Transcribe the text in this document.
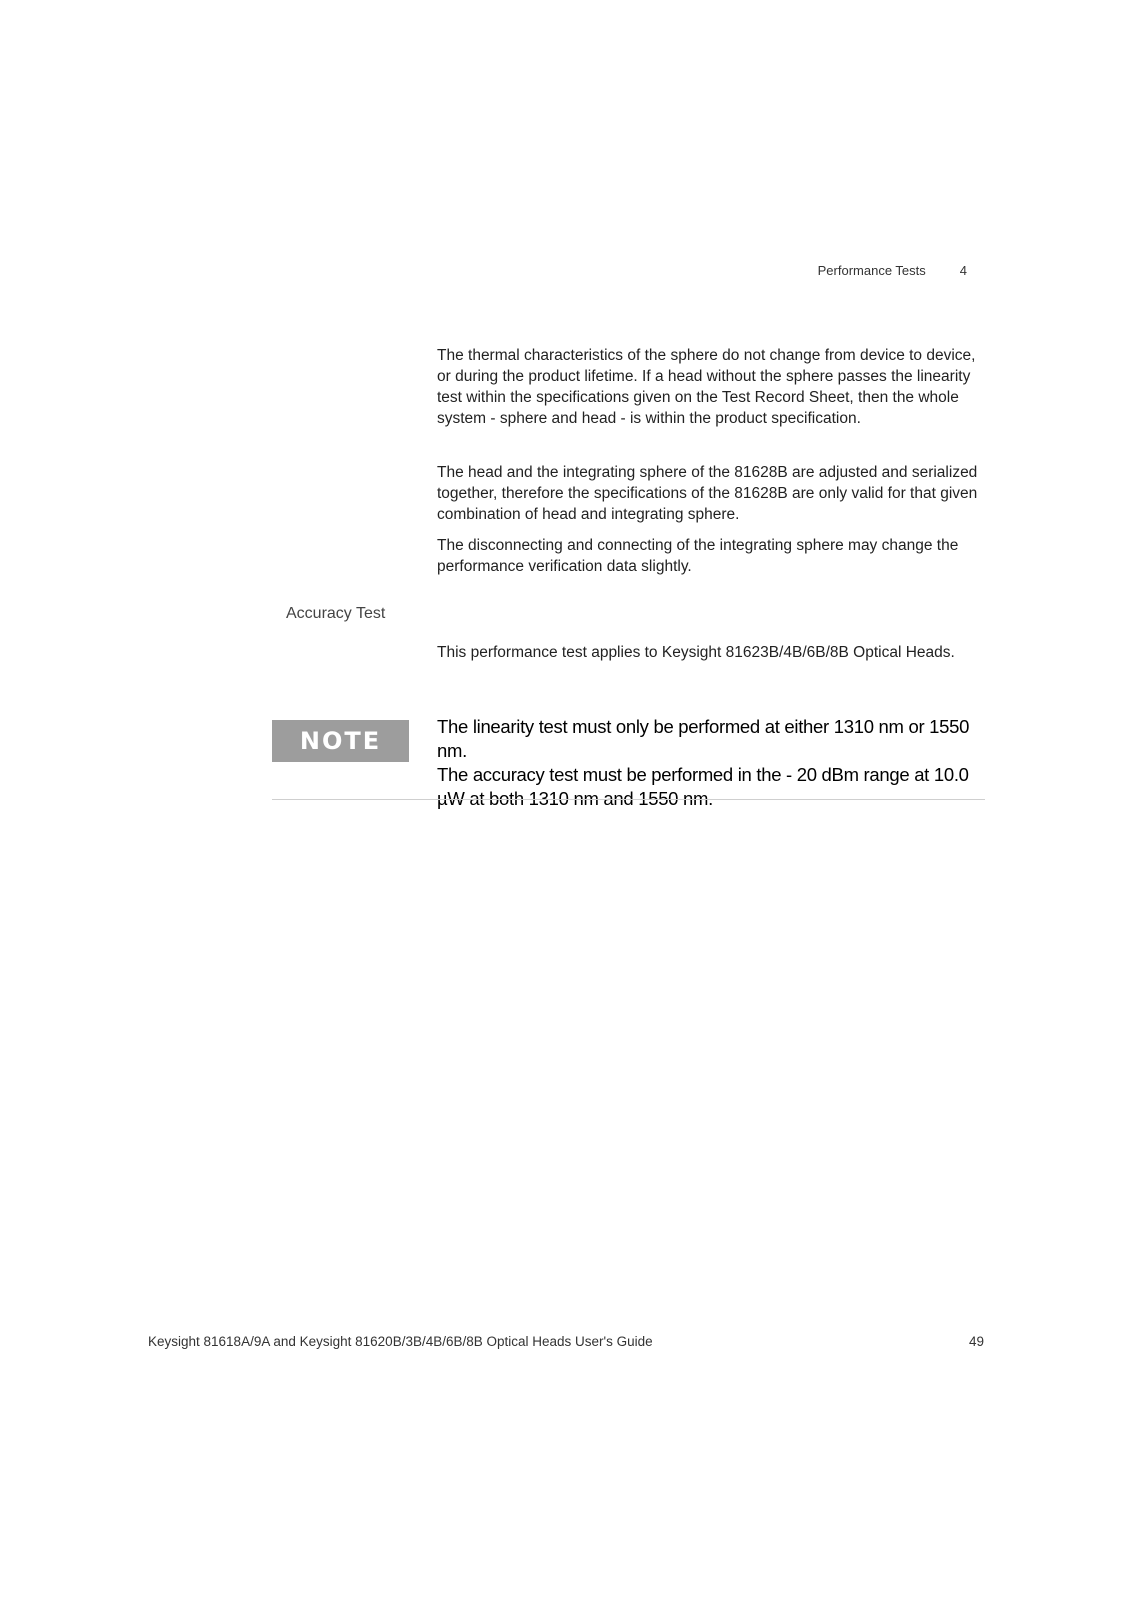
Performance Tests	4

The thermal characteristics of the sphere do not change from device to device, or during the product lifetime. If a head without the sphere passes the linearity test within the specifications given on the Test Record Sheet, then the whole system - sphere and head - is within the product specification.

The head and the integrating sphere of the 81628B are adjusted and serialized together, therefore the specifications of the 81628B are only valid for that given combination of head and integrating sphere.

The disconnecting and connecting of the integrating sphere may change the performance verification data slightly.

Accuracy Test

This performance test applies to Keysight 81623B/4B/6B/8B Optical Heads.

NOTE
The linearity test must only be performed at either 1310 nm or 1550 nm.
The accuracy test must be performed in the - 20 dBm range at 10.0 µW at both 1310 nm and 1550 nm.
Keysight 81618A/9A and Keysight 81620B/3B/4B/6B/8B Optical Heads User's Guide	49
